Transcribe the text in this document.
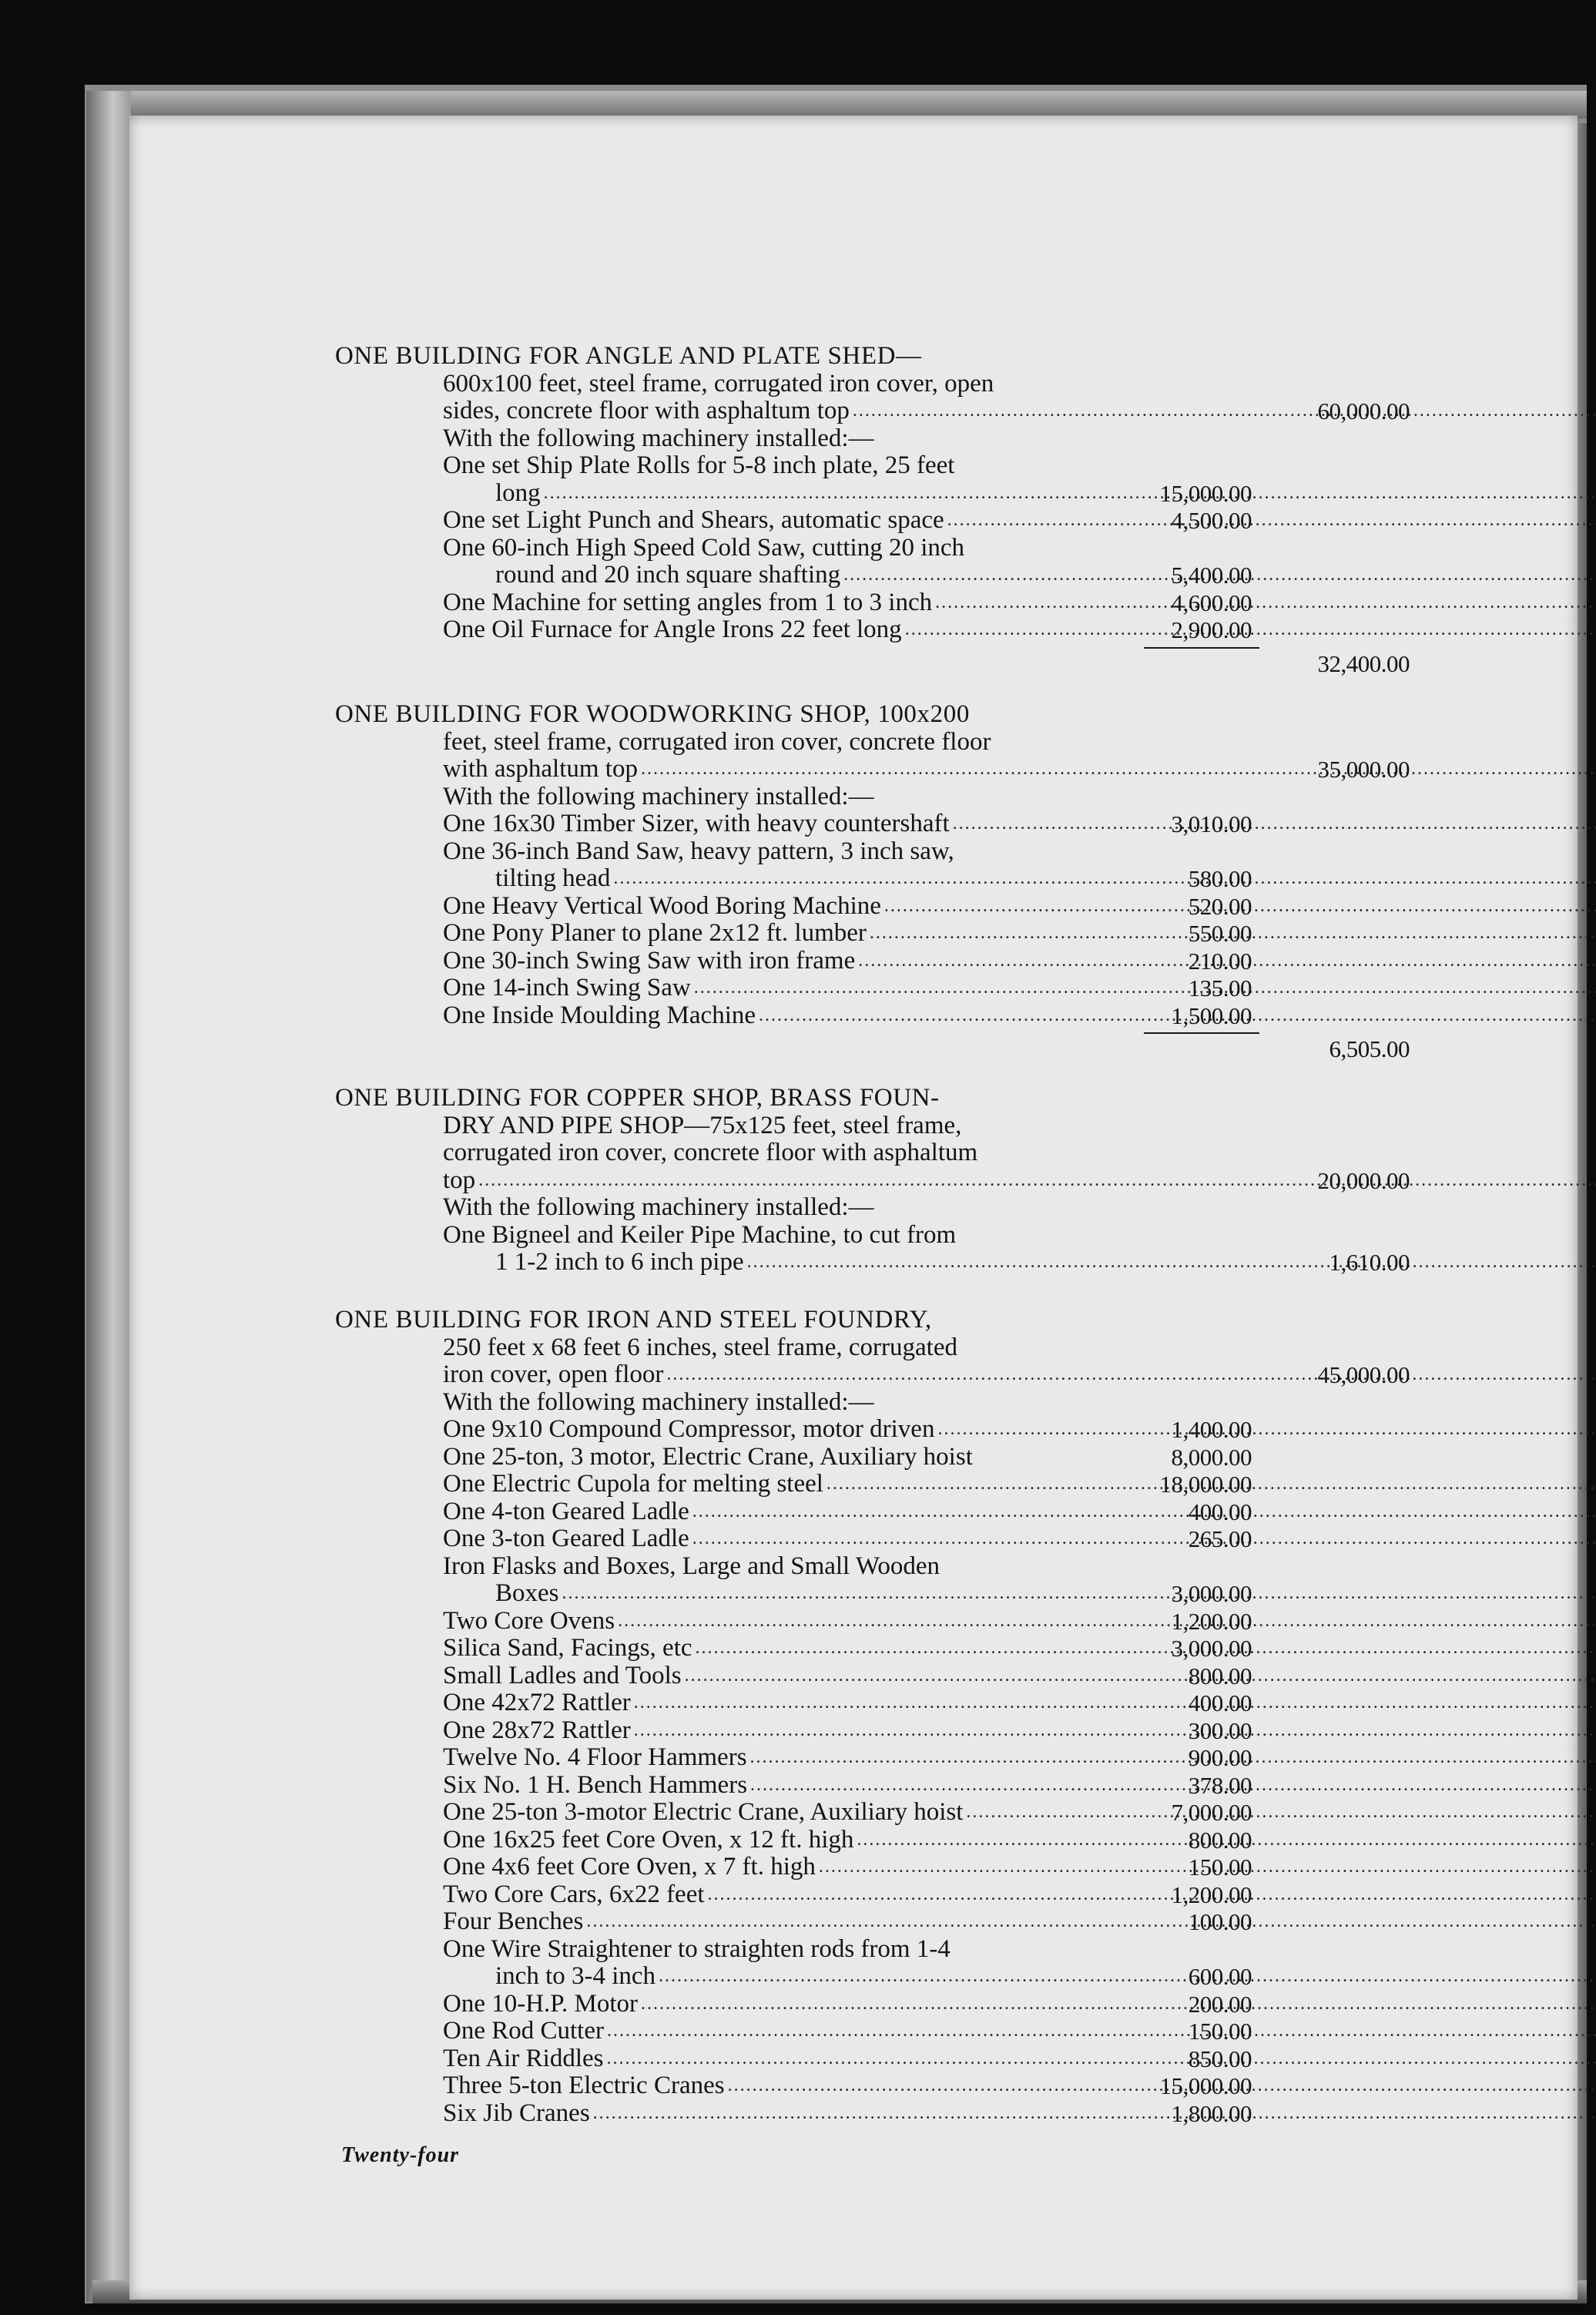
ONE BUILDING FOR ANGLE AND PLATE SHED—
600x100 feet, steel frame, corrugated iron cover, open
sides, concrete floor with asphaltum top .....	60,000.00
With the following machinery installed:—
One set Ship Plate Rolls for 5-8 inch plate, 25 feet
long .....	15,000.00
One set Light Punch and Shears, automatic space .....	4,500.00
One 60-inch High Speed Cold Saw, cutting 20 inch
round and 20 inch square shafting .....	5,400.00
One Machine for setting angles from 1 to 3 inch .....	4,600.00
One Oil Furnace for Angle Irons 22 feet long .....	2,900.00
32,400.00
ONE BUILDING FOR WOODWORKING SHOP, 100x200
feet, steel frame, corrugated iron cover, concrete floor
with asphaltum top .....	35,000.00
With the following machinery installed:—
One 16x30 Timber Sizer, with heavy countershaft .....	3,010.00
One 36-inch Band Saw, heavy pattern, 3 inch saw,
tilting head .....	580.00
One Heavy Vertical Wood Boring Machine .....	520.00
One Pony Planer to plane 2x12 ft. lumber .....	550.00
One 30-inch Swing Saw with iron frame .....	210.00
One 14-inch Swing Saw .....	135.00
One Inside Moulding Machine .....	1,500.00
6,505.00
ONE BUILDING FOR COPPER SHOP, BRASS FOUN-
DRY AND PIPE SHOP—75x125 feet, steel frame,
corrugated iron cover, concrete floor with asphaltum
top .....	20,000.00
With the following machinery installed:—
One Bigneel and Keiler Pipe Machine, to cut from
1 1-2 inch to 6 inch pipe .....	1,610.00
ONE BUILDING FOR IRON AND STEEL FOUNDRY,
250 feet x 68 feet 6 inches, steel frame, corrugated
iron cover, open floor .....	45,000.00
With the following machinery installed:—
One 9x10 Compound Compressor, motor driven .....	1,400.00
One 25-ton, 3 motor, Electric Crane, Auxiliary hoist	8,000.00
One Electric Cupola for melting steel .....	18,000.00
One 4-ton Geared Ladle .....	400.00
One 3-ton Geared Ladle .....	265.00
Iron Flasks and Boxes, Large and Small Wooden
Boxes .....	3,000.00
Two Core Ovens .....	1,200.00
Silica Sand, Facings, etc .....	3,000.00
Small Ladles and Tools .....	800.00
One 42x72 Rattler .....	400.00
One 28x72 Rattler .....	300.00
Twelve No. 4 Floor Hammers .....	900.00
Six No. 1 H. Bench Hammers .....	378.00
One 25-ton 3-motor Electric Crane, Auxiliary hoist .....	7,000.00
One 16x25 feet Core Oven, x 12 ft. high .....	800.00
One 4x6 feet Core Oven, x 7 ft. high .....	150.00
Two Core Cars, 6x22 feet .....	1,200.00
Four Benches .....	100.00
One Wire Straightener to straighten rods from 1-4
inch to 3-4 inch .....	600.00
One 10-H.P. Motor .....	200.00
One Rod Cutter .....	150.00
Ten Air Riddles .....	850.00
Three 5-ton Electric Cranes .....	15,000.00
Six Jib Cranes .....	1,800.00
Twenty-four
